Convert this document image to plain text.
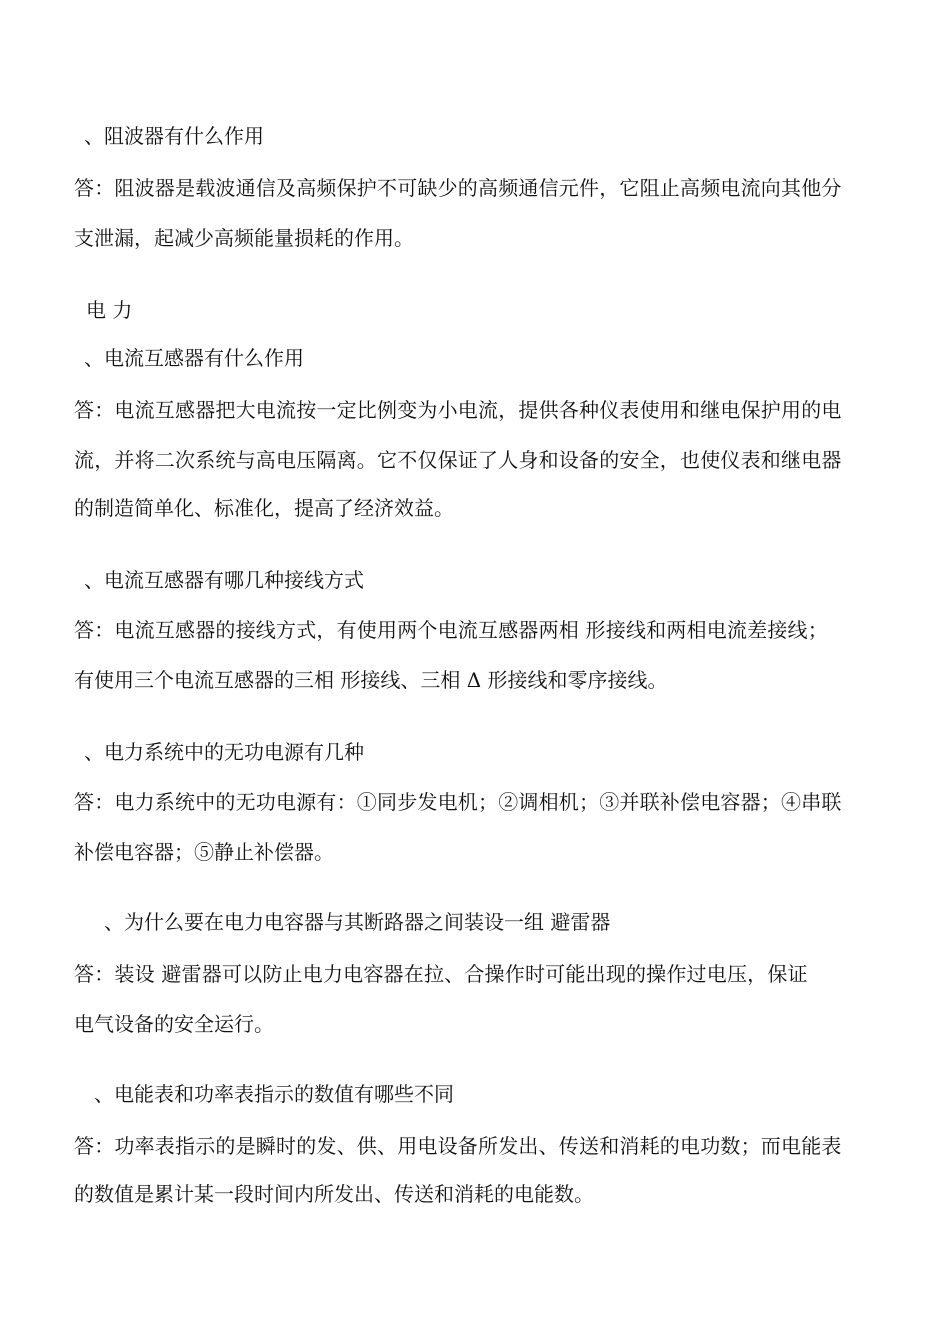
、阻波器有什么作用
答：阻波器是载波通信及高频保护不可缺少的高频通信元件，它阻止高频电流向其他分
支泄漏，起减少高频能量损耗的作用。
电 力
、电流互感器有什么作用
答：电流互感器把大电流按一定比例变为小电流，提供各种仪表使用和继电保护用的电
流，并将二次系统与高电压隔离。它不仅保证了人身和设备的安全，也使仪表和继电器
的制造简单化、标准化，提高了经济效益。
、电流互感器有哪几种接线方式
答：电流互感器的接线方式，有使用两个电流互感器两相 形接线和两相电流差接线；
有使用三个电流互感器的三相 形接线、三相 Δ 形接线和零序接线。
、电力系统中的无功电源有几种
答：电力系统中的无功电源有：①同步发电机；②调相机；③并联补偿电容器；④串联
补偿电容器；⑤静止补偿器。
、为什么要在电力电容器与其断路器之间装设一组 避雷器
答：装设 避雷器可以防止电力电容器在拉、合操作时可能出现的操作过电压，保证
电气设备的安全运行。
、电能表和功率表指示的数值有哪些不同
答：功率表指示的是瞬时的发、供、用电设备所发出、传送和消耗的电功数；而电能表
的数值是累计某一段时间内所发出、传送和消耗的电能数。
